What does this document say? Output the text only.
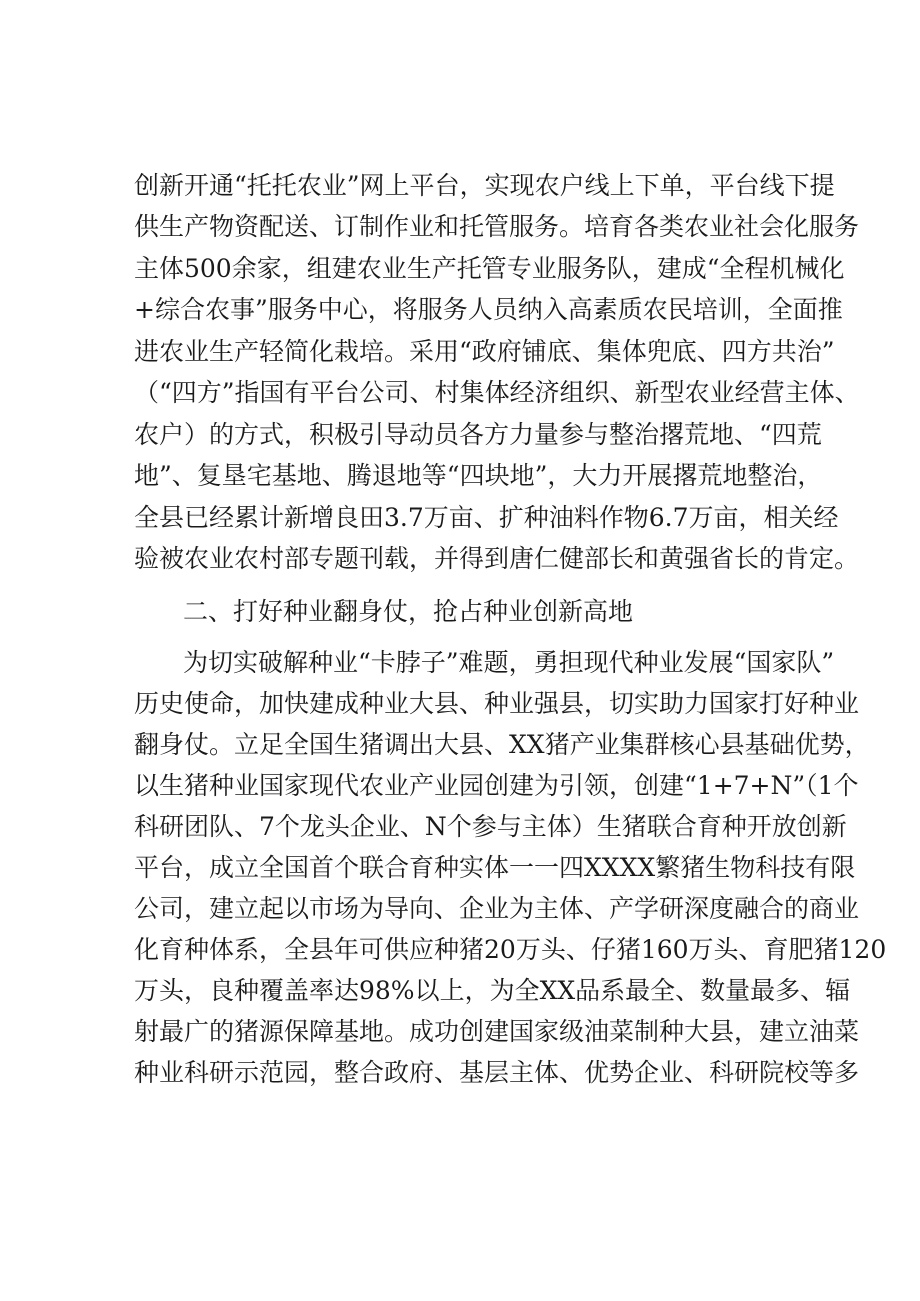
创新开通“托托农业”网上平台，实现农户线上下单，平台线下提
供生产物资配送、订制作业和托管服务。培育各类农业社会化服务
主体500余家，组建农业生产托管专业服务队，建成“全程机械化
+综合农事”服务中心，将服务人员纳入高素质农民培训，全面推
进农业生产轻简化栽培。采用“政府铺底、集体兜底、四方共治”
（“四方”指国有平台公司、村集体经济组织、新型农业经营主体、
农户）的方式，积极引导动员各方力量参与整治撂荒地、“四荒
地”、复垦宅基地、腾退地等“四块地”，大力开展撂荒地整治，
全县已经累计新增良田3.7万亩、扩种油料作物6.7万亩，相关经
验被农业农村部专题刊载，并得到唐仁健部长和黄强省长的肯定。
二、打好种业翻身仗，抢占种业创新高地
为切实破解种业“卡脖子”难题，勇担现代种业发展“国家队”
历史使命，加快建成种业大县、种业强县，切实助力国家打好种业
翻身仗。立足全国生猪调出大县、XX猪产业集群核心县基础优势，
以生猪种业国家现代农业产业园创建为引领，创建“1+7+N”（1个
科研团队、7个龙头企业、N个参与主体）生猪联合育种开放创新
平台，成立全国首个联合育种实体一一四XXXX繁猪生物科技有限
公司，建立起以市场为导向、企业为主体、产学研深度融合的商业
化育种体系，全县年可供应种猪20万头、仔猪160万头、育肥猪120
万头，良种覆盖率达98%以上，为全XX品系最全、数量最多、辐
射最广的猪源保障基地。成功创建国家级油菜制种大县，建立油菜
种业科研示范园，整合政府、基层主体、优势企业、科研院校等多
